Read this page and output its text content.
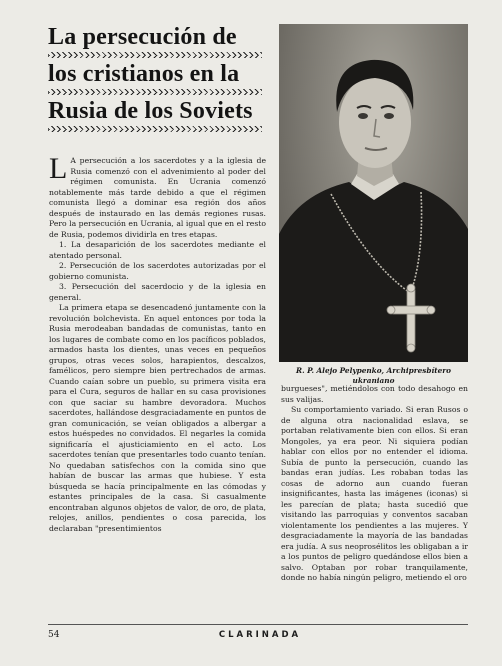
La persecución de
los cristianos en la
Rusia de los Soviets
R. P. Alejo Pelypenko, Archipresbítero ukraniano

L A persecución a los sacerdotes y a la iglesia de Rusia comenzó con el advenimiento al poder del régimen comunista. En Ucrania comenzó notablemente más tarde debido a que el régimen comunista llegó a dominar esa región dos años después de instaurado en las demás regiones rusas. Pero la persecución en Ucrania, al igual que en el resto de Rusia, podemos dividirla en tres etapas.

1. La desaparición de los sacerdotes mediante el atentado personal.

2. Persecución de los sacerdotes autorizadas por el gobierno comunista.

3. Persecución del sacerdocio y de la iglesia en general.

La primera etapa se desencadenó juntamente con la revolución bolchevista. En aquel entonces por toda la Rusia merodeaban bandadas de comunistas, tanto en los lugares de combate como en los pacíficos poblados, armados hasta los dientes, unas veces en pequeños grupos, otras veces solos, harapientos, descalzos, famélicos, pero siempre bien pertrechados de armas. Cuando caían sobre un pueblo, su primera visita era para el Cura, seguros de hallar en su casa provisiones con que saciar su hambre devoradora. Muchos sacerdotes, hallándose desgraciadamente en puntos de gran comunicación, se veían obligados a albergar a estos huéspedes no convidados. El negarles la comida significaría el ajusticiamiento en el acto. Los sacerdotes tenían que presentarles todo cuanto tenían. No quedaban satisfechos con la comida sino que habían de buscar las armas que hubiese. Y esta búsqueda se hacía principalmente en las cómodas y estantes principales de la casa. Si casualmente encontraban algunos objetos de valor, de oro, de plata, relojes, anillos, pendientes o cosa parecida, los declaraban "presentimientos

burgueses", metiéndolos con todo desahogo en sus valijas.

Su comportamiento variado. Si eran Rusos o de alguna otra nacionalidad eslava, se portaban relativamente bien con ellos. Si eran Mongoles, ya era peor. Ni siquiera podían hablar con ellos por no entender el idioma. Subía de punto la persecución, cuando las bandas eran judías. Les robaban todas las cosas de adorno aun cuando fueran insignificantes, hasta las imágenes (iconas) si les parecían de plata; hasta sucedió que visitando las parroquias y conventos sacaban violentamente los pendientes a las mujeres. Y desgraciadamente la mayoría de las bandadas era judía. A sus neoprosélitos les obligaban a ir a los puntos de peligro quedándose ellos bien a salvo. Optaban por robar tranquilamente, donde no había ningún peligro, metiendo el oro

54	CLARINADA
